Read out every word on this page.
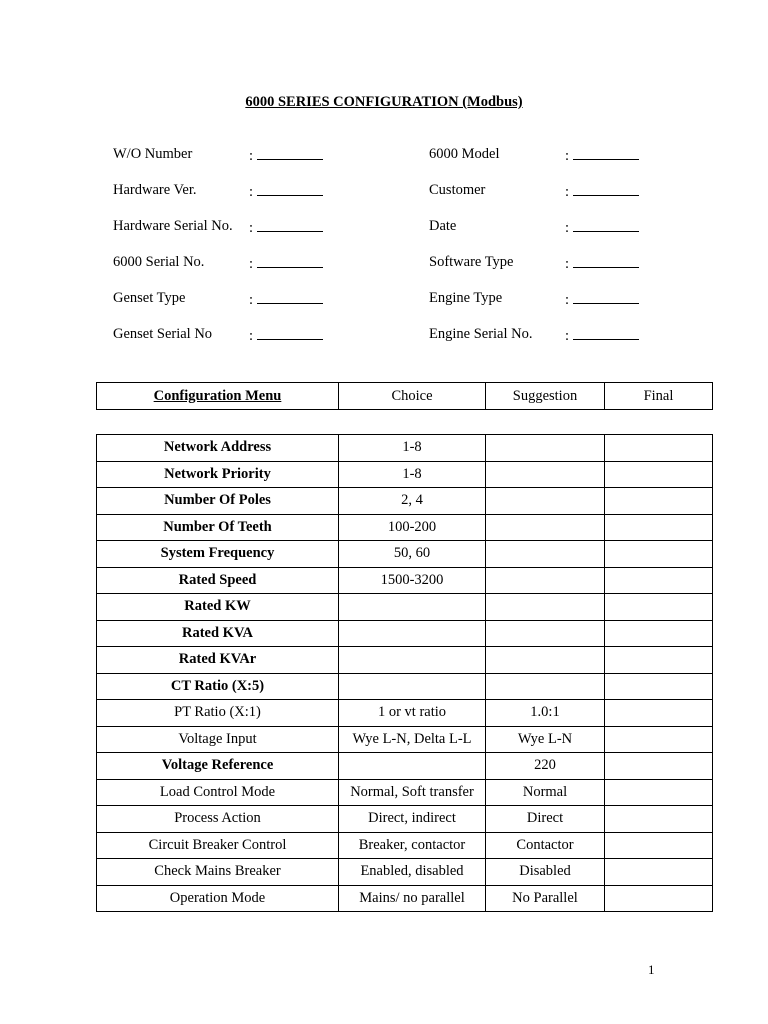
6000 SERIES CONFIGURATION (Modbus)
W/O Number	:
Hardware Ver.	:
Hardware Serial No. :
6000 Serial No.	:
Genset Type	:
Genset Serial No	:
6000 Model	:
Customer	:
Date	:
Software Type	:
Engine Type	:
Engine Serial No. :
Configuration Menu	Choice	Suggestion	Final
Network Address	1-8		
Network Priority	1-8		
Number Of Poles	2, 4		
Number Of Teeth	100-200		
System Frequency	50, 60		
Rated Speed	1500-3200		
Rated KW			
Rated KVA			
Rated KVAr			
CT Ratio (X:5)			
PT Ratio (X:1)	1 or vt ratio	1.0:1	
Voltage Input	Wye L-N, Delta L-L	Wye L-N	
Voltage Reference		220	
Load Control Mode	Normal, Soft transfer	Normal	
Process Action	Direct, indirect	Direct	
Circuit Breaker Control	Breaker, contactor	Contactor	
Check Mains Breaker	Enabled, disabled	Disabled	
Operation Mode	Mains/ no parallel	No Parallel	
1
